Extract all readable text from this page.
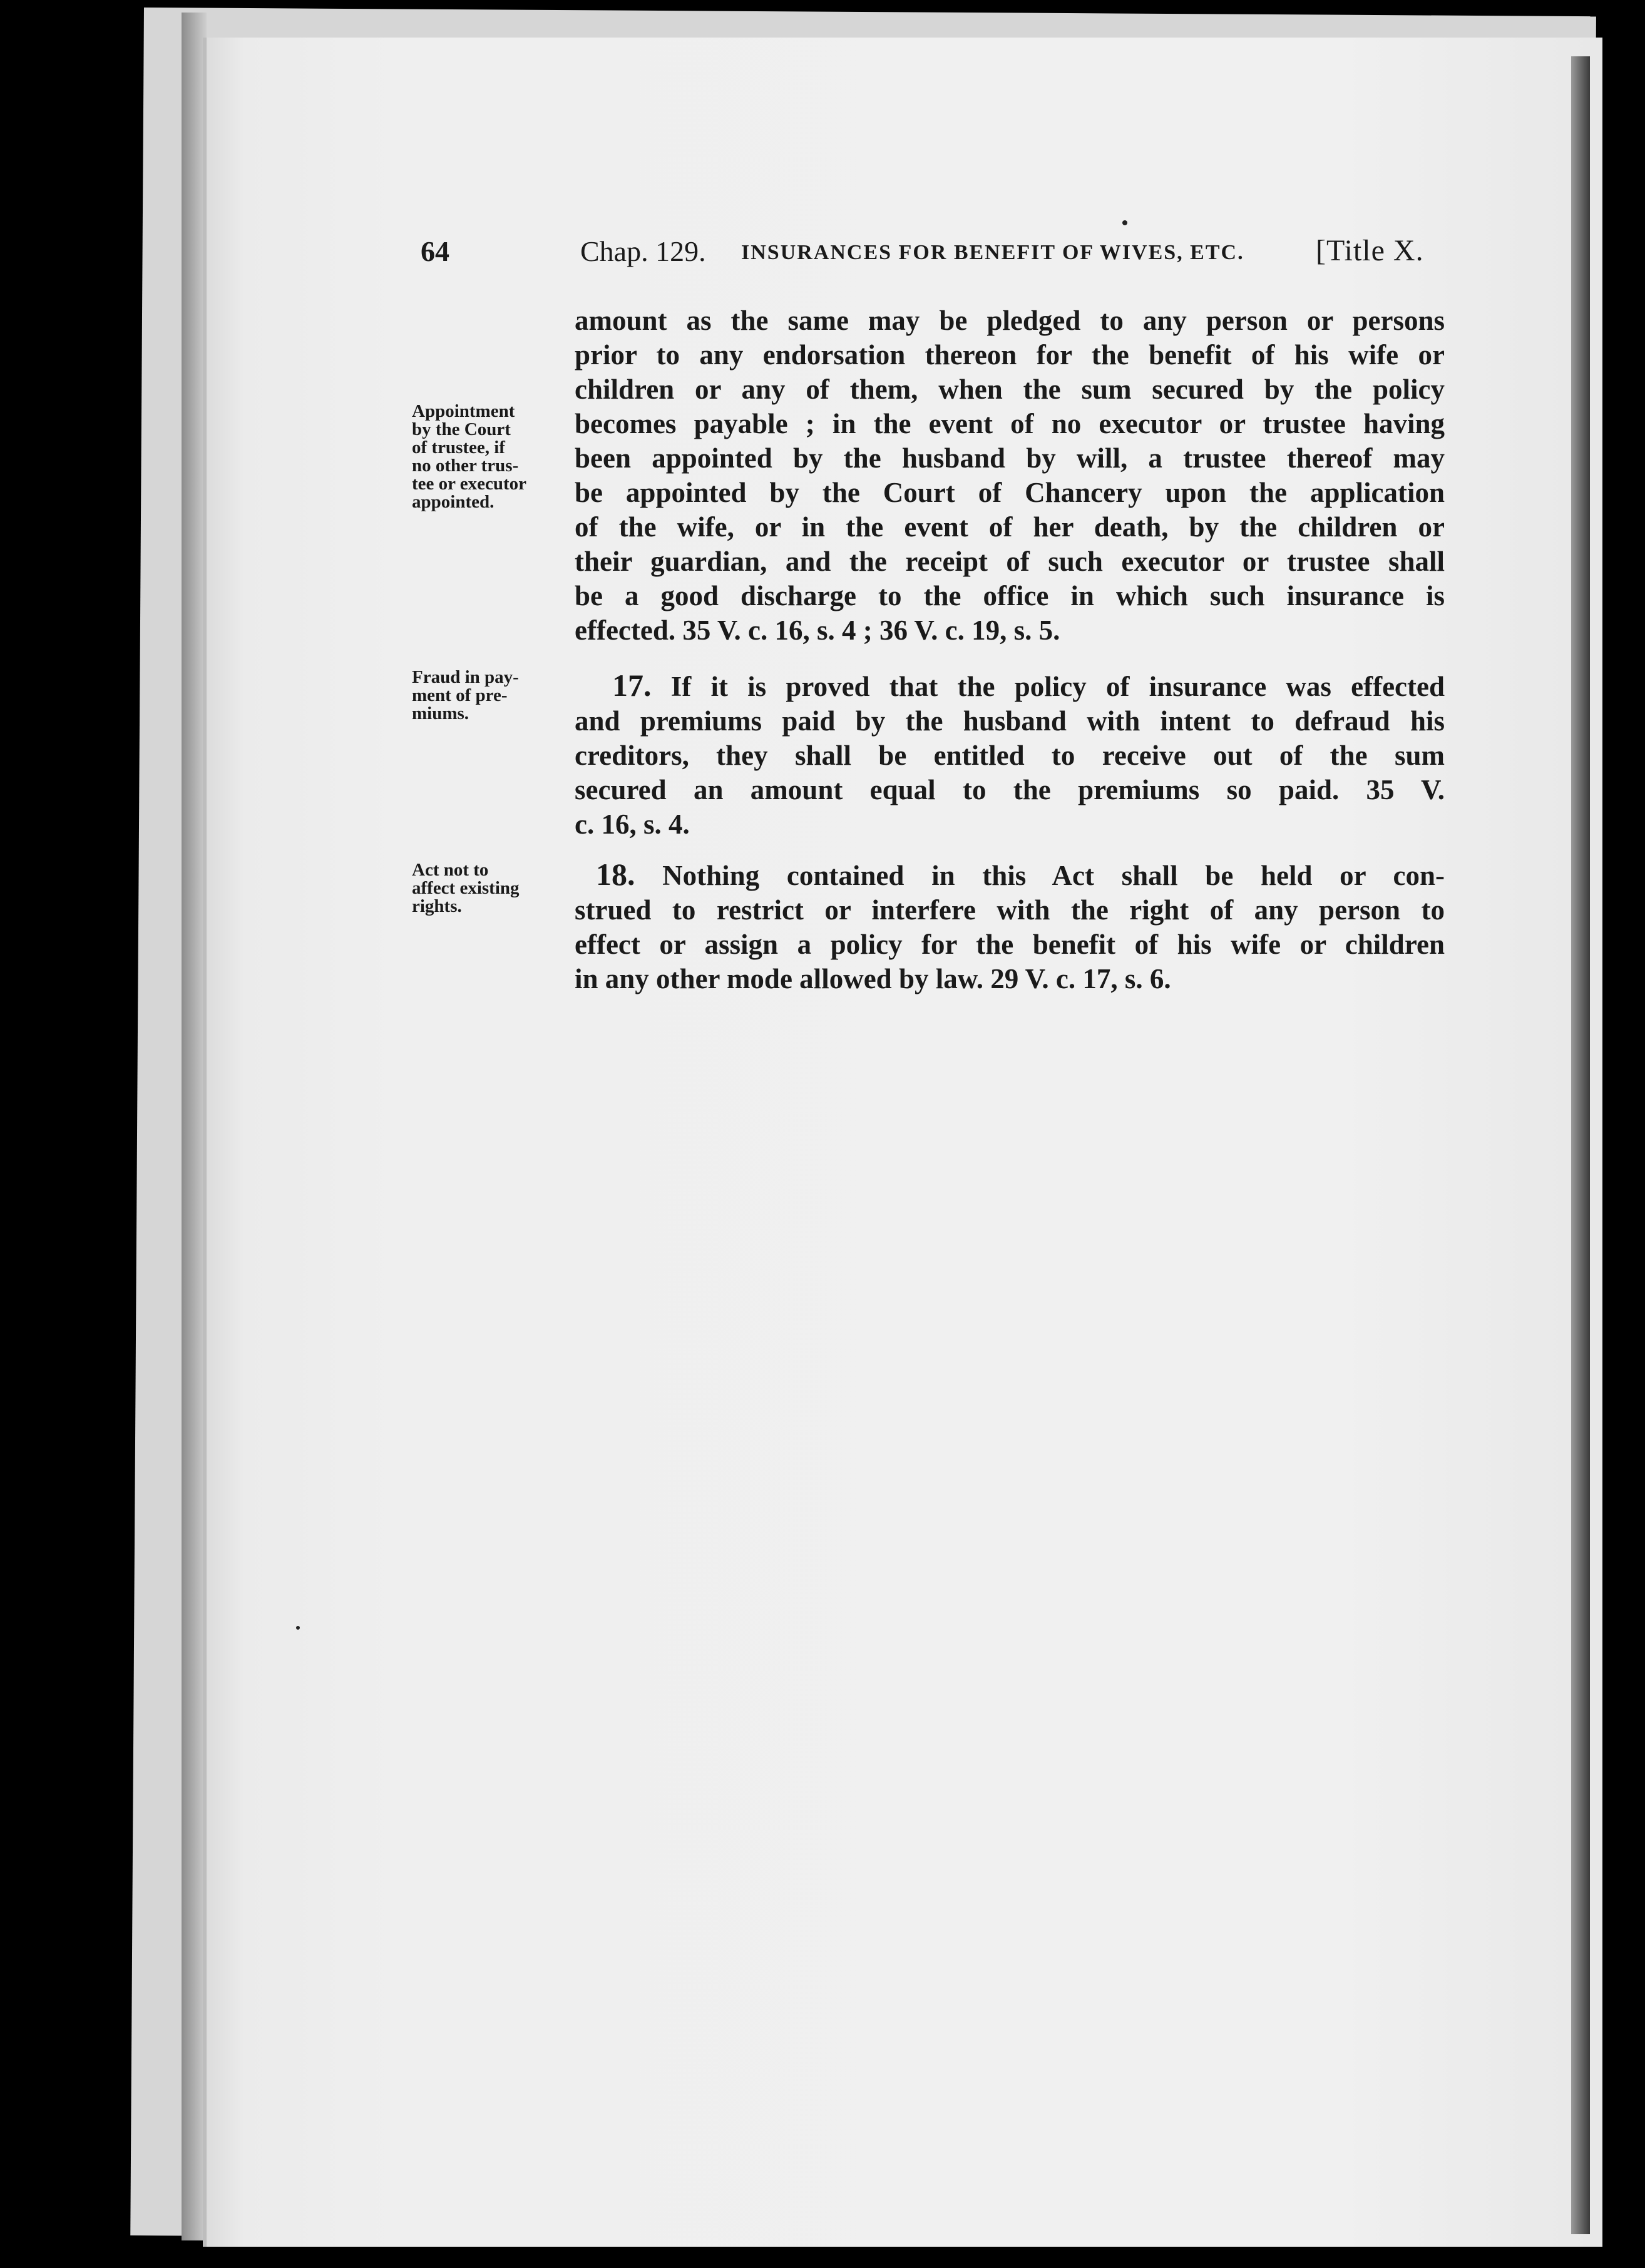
64	Chap. 129. INSURANCES FOR BENEFIT OF WIVES, ETC. [Title X.
Appointment
by the Court
of trustee, if
no other trus-
tee or executor
appointed.
amount as the same may be pledged to any person or persons
prior to any endorsation thereon for the benefit of his wife or
children or any of them, when the sum secured by the policy
becomes payable ; in the event of no executor or trustee having
been appointed by the husband by will, a trustee thereof may
be appointed by the Court of Chancery upon the application
of the wife, or in the event of her death, by the children or
their guardian, and the receipt of such executor or trustee shall
be a good discharge to the office in which such insurance is
effected. 35 V. c. 16, s. 4 ; 36 V. c. 19, s. 5.
Fraud in pay-
ment of pre-
miums.
17. If it is proved that the policy of insurance was effected
and premiums paid by the husband with intent to defraud his
creditors, they shall be entitled to receive out of the sum
secured an amount equal to the premiums so paid. 35 V.
c. 16, s. 4.
Act not to
affect existing
rights.
18. Nothing contained in this Act shall be held or con-
strued to restrict or interfere with the right of any person to
effect or assign a policy for the benefit of his wife or children
in any other mode allowed by law. 29 V. c. 17, s. 6.
